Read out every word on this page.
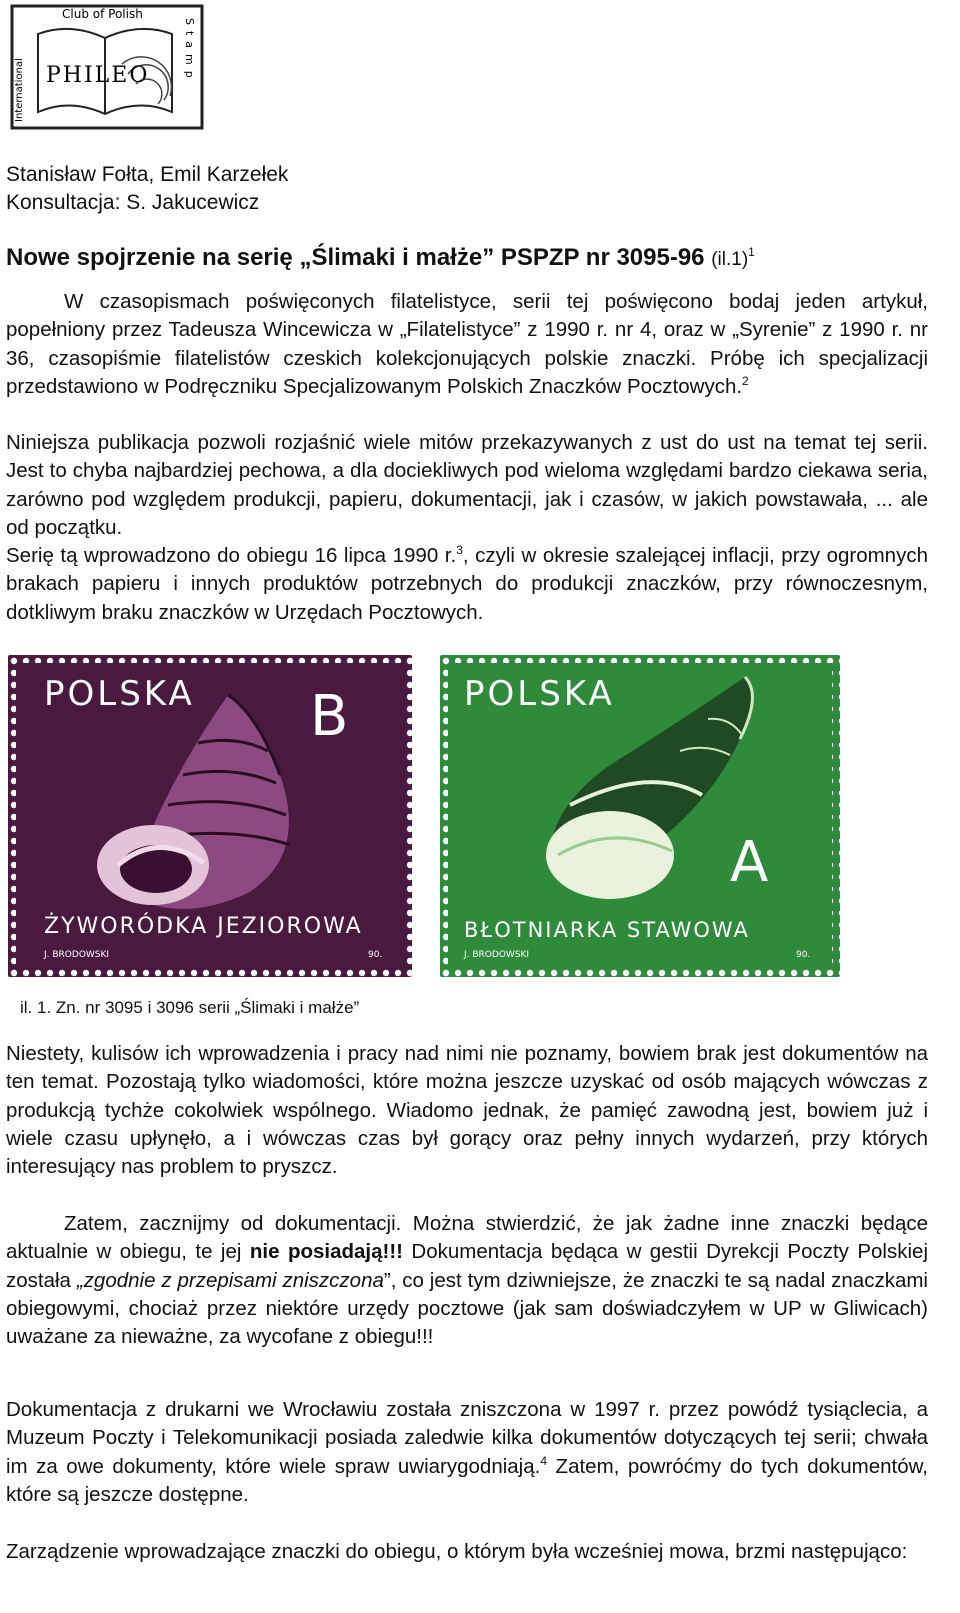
Club of Polish
International
Stamp
PHILEO
Stanisław Fołta, Emil Karzełek
Konsultacja: S. Jakucewicz
Nowe spojrzenie na serię „Ślimaki i małże” PSPZP nr 3095-96 $(il.1)^1$
W czasopismach poświęconych filatelistyce, serii tej poświęcono bodaj jeden artykuł, popełniony przez Tadeusza Wincewicza w „Filatelistyce” z 1990 r. nr 4, oraz w „Syrenie” z 1990 r. nr 36, czasopiśmie filatelistów czeskich kolekcjonujących polskie znaczki. Próbę ich specjalizacji przedstawiono w Podręczniku Specjalizowanym Polskich Znaczków Pocztowych.$^2$
Niniejsza publikacja pozwoli rozjaśnić wiele mitów przekazywanych z ust do ust na temat tej serii. Jest to chyba najbardziej pechowa, a dla dociekliwych pod wieloma względami bardzo ciekawa seria, zarówno pod względem produkcji, papieru, dokumentacji, jak i czasów, w jakich powstawała, ... ale od początku.
Serię tą wprowadzono do obiegu 16 lipca 1990 r.$^3$, czyli w okresie szalejącej inflacji, przy ogromnych brakach papieru i innych produktów potrzebnych do produkcji znaczków, przy równoczesnym, dotkliwym braku znaczków w Urzędach Pocztowych.
POLSKA B
ŻYWORÓDKA JEZIOROWA
J. BRODOWSKI	90.
POLSKA
A
BŁOTNIARKA STAWOWA
J. BRODOWSKI	90.
il. 1. Zn. nr 3095 i 3096 serii „Ślimaki i małże”
Niestety, kulisów ich wprowadzenia i pracy nad nimi nie poznamy, bowiem brak jest dokumentów na ten temat. Pozostają tylko wiadomości, które można jeszcze uzyskać od osób mających wówczas z produkcją tychże cokolwiek wspólnego. Wiadomo jednak, że pamięć zawodną jest, bowiem już i wiele czasu upłynęło, a i wówczas czas był gorący oraz pełny innych wydarzeń, przy których interesujący nas problem to pryszcz.
Zatem, zacznijmy od dokumentacji. Można stwierdzić, że jak żadne inne znaczki będące aktualnie w obiegu, te jej nie posiadają!!! Dokumentacja będąca w gestii Dyrekcji Poczty Polskiej została „zgodnie z przepisami zniszczona”, co jest tym dziwniejsze, że znaczki te są nadal znaczkami obiegowymi, chociaż przez niektóre urzędy pocztowe (jak sam doświadczyłem w UP w Gliwicach) uważane za nieważne, za wycofane z obiegu!!!
Dokumentacja z drukarni we Wrocławiu została zniszczona w 1997 r. przez powódź tysiąclecia, a Muzeum Poczty i Telekomunikacji posiada zaledwie kilka dokumentów dotyczących tej serii; chwała im za owe dokumenty, które wiele spraw uwiarygodniają.$^4$ Zatem, powróćmy do tych dokumentów, które są jeszcze dostępne.
Zarządzenie wprowadzające znaczki do obiegu, o którym była wcześniej mowa, brzmi następująco:
